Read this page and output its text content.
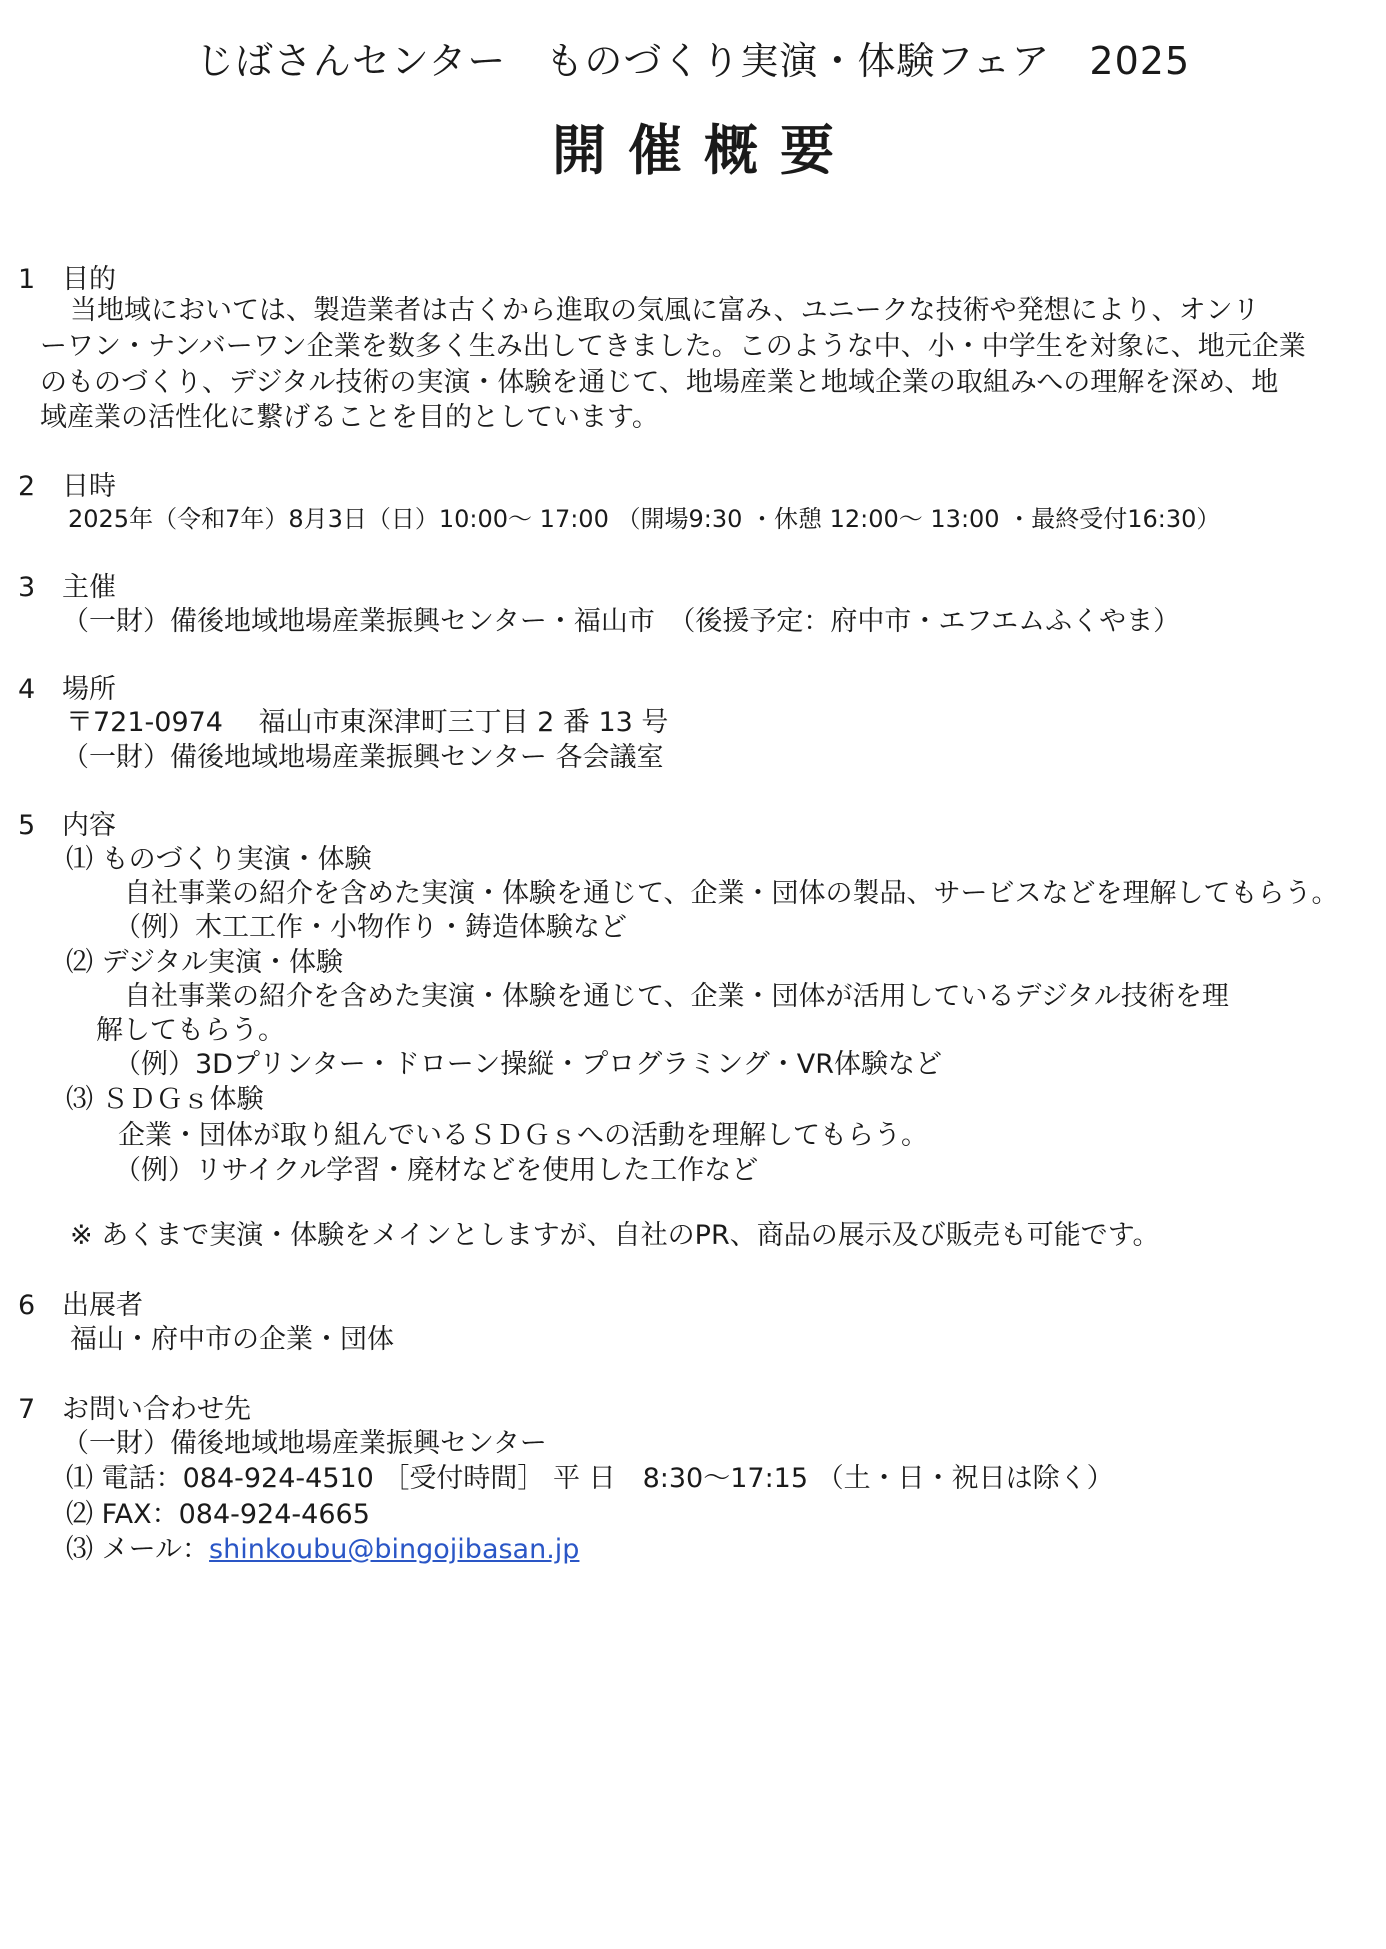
じばさんセンター　ものづくり実演・体験フェア　2025
開催概要
1 目的
当地域においては、製造業者は古くから進取の気風に富み、ユニークな技術や発想により、オンリ
ーワン・ナンバーワン企業を数多く生み出してきました。このような中、小・中学生を対象に、地元企業
のものづくり、デジタル技術の実演・体験を通じて、地場産業と地域企業の取組みへの理解を深め、地
域産業の活性化に繋げることを目的としています。
2 日時
2025年（令和7年）8月3日（日）10:00～ 17:00 （開場9:30 ・休憩 12:00～ 13:00 ・最終受付16:30）
3 主催
（一財）備後地域地場産業振興センター・福山市　（後援予定：府中市・エフエムふくやま）
4 場所
〒721-0974　 福山市東深津町三丁目 2 番 13 号
（一財）備後地域地場産業振興センター 各会議室
5 内容
⑴ ものづくり実演・体験
自社事業の紹介を含めた実演・体験を通じて、企業・団体の製品、サービスなどを理解してもらう。
（例）木工工作・小物作り・鋳造体験など
⑵ デジタル実演・体験
自社事業の紹介を含めた実演・体験を通じて、企業・団体が活用しているデジタル技術を理
解してもらう。
（例）3Dプリンター・ドローン操縦・プログラミング・VR体験など
⑶ ＳＤＧｓ体験
企業・団体が取り組んでいるＳＤＧｓへの活動を理解してもらう。
（例）リサイクル学習・廃材などを使用した工作など
※ あくまで実演・体験をメインとしますが、自社のPR、商品の展示及び販売も可能です。
6 出展者
福山・府中市の企業・団体
7 お問い合わせ先
（一財）備後地域地場産業振興センター
⑴ 電話：084-924-4510 ［受付時間］ 平 日　8:30～17:15 （土・日・祝日は除く）
⑵ FAX：084-924-4665
⑶ メール：shinkoubu@bingojibasan.jp
